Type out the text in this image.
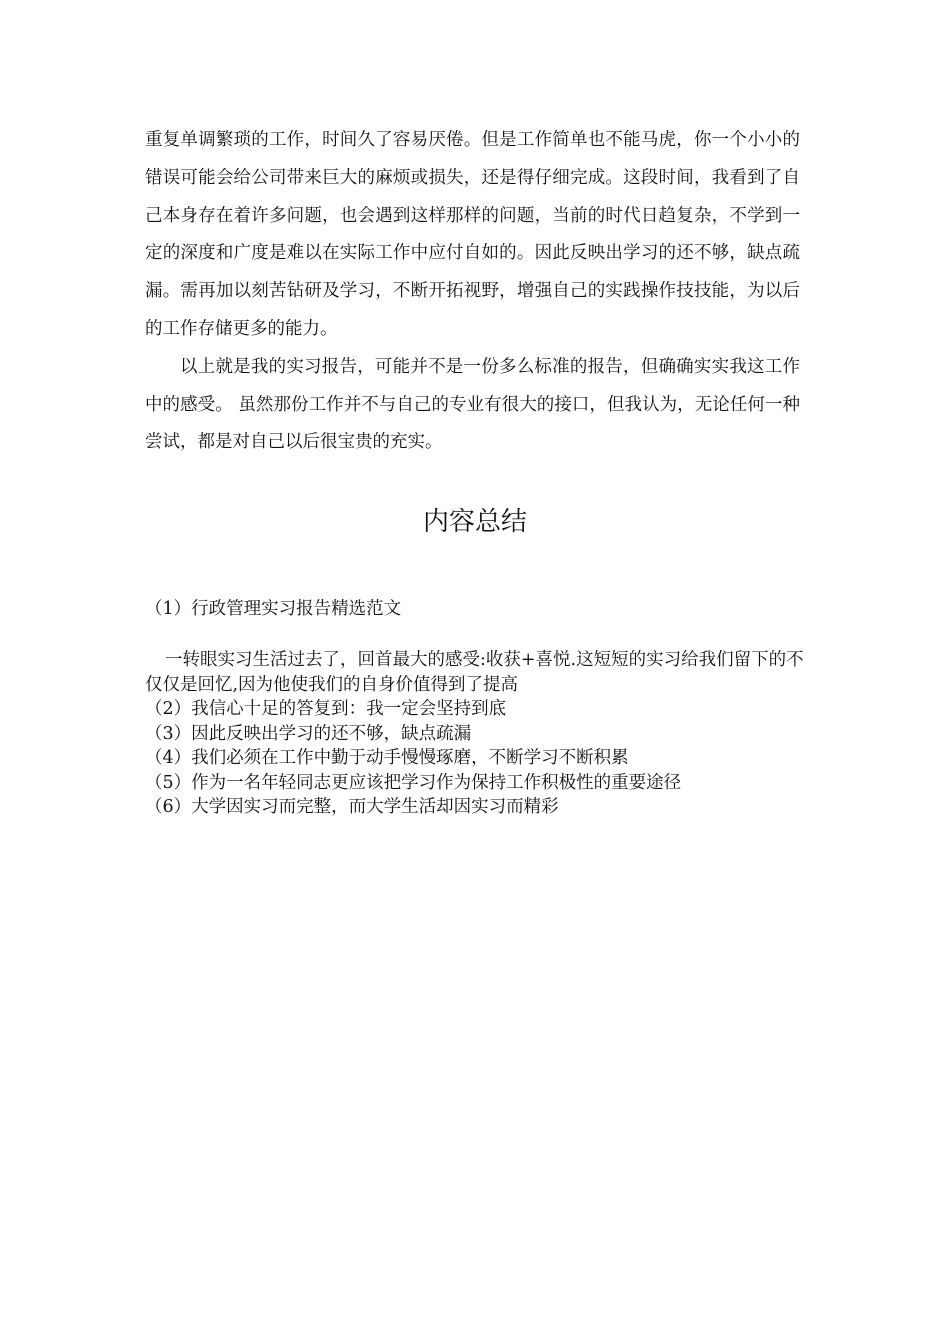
重复单调繁琐的工作，时间久了容易厌倦。但是工作简单也不能马虎，你一个小小的错误可能会给公司带来巨大的麻烦或损失，还是得仔细完成。这段时间，我看到了自己本身存在着许多问题，也会遇到这样那样的问题，当前的时代日趋复杂，不学到一定的深度和广度是难以在实际工作中应付自如的。因此反映出学习的还不够，缺点疏漏。需再加以刻苦钻研及学习，不断开拓视野，增强自己的实践操作技技能，为以后的工作存储更多的能力。

以上就是我的实习报告，可能并不是一份多么标准的报告，但确确实实我这工作中的感受。 虽然那份工作并不与自己的专业有很大的接口，但我认为，无论任何一种尝试，都是对自己以后很宝贵的充实。

内容总结

（1）行政管理实习报告精选范文

一转眼实习生活过去了，回首最大的感受:收获+喜悦.这短短的实习给我们留下的不仅仅是回忆,因为他使我们的自身价值得到了提高

（2）我信心十足的答复到：我一定会坚持到底

（3）因此反映出学习的还不够，缺点疏漏

（4）我们必须在工作中勤于动手慢慢琢磨，不断学习不断积累

（5）作为一名年轻同志更应该把学习作为保持工作积极性的重要途径

（6）大学因实习而完整，而大学生活却因实习而精彩
